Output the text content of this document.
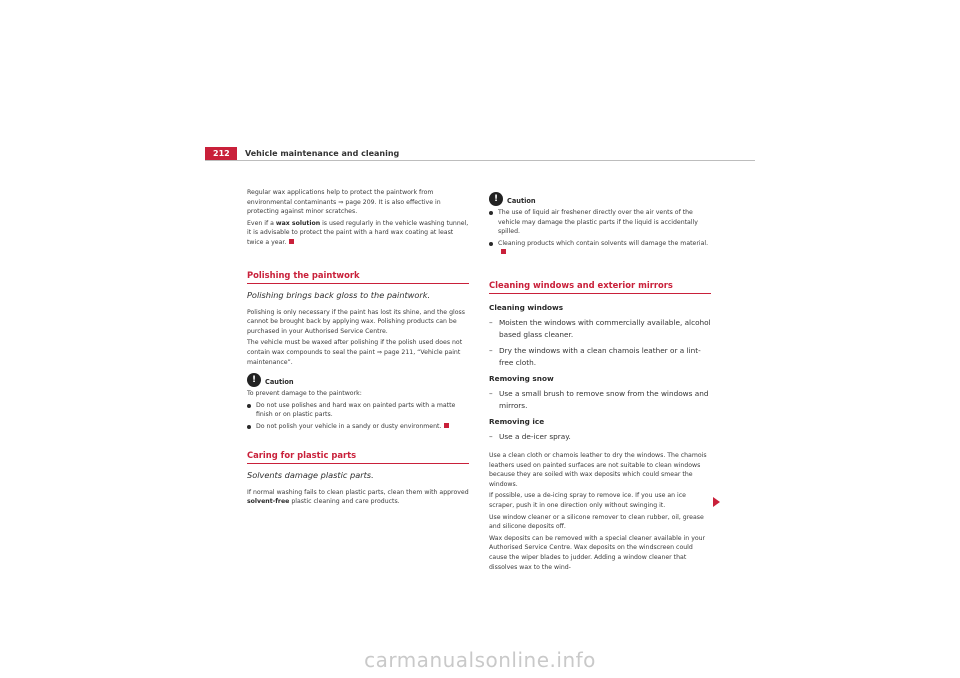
212	Vehicle maintenance and cleaning

Regular wax applications help to protect the paintwork from environmental contaminants ⇒ page 209. It is also effective in protecting against minor scratches.

Even if a wax solution is used regularly in the vehicle washing tunnel, it is advisable to protect the paint with a hard wax coating at least twice a year.

Polishing the paintwork
Polishing brings back gloss to the paintwork.

Polishing is only necessary if the paint has lost its shine, and the gloss cannot be brought back by applying wax. Polishing products can be purchased in your Authorised Service Centre.

The vehicle must be waxed after polishing if the polish used does not contain wax compounds to seal the paint ⇒ page 211, “Vehicle paint maintenance”.

!	Caution

To prevent damage to the paintwork:

Do not use polishes and hard wax on painted parts with a matte finish or on plastic parts.

Do not polish your vehicle in a sandy or dusty environment.

Caring for plastic parts
Solvents damage plastic parts.

If normal washing fails to clean plastic parts, clean them with approved solvent-free plastic cleaning and care products.

!	Caution

The use of liquid air freshener directly over the air vents of the vehicle may damage the plastic parts if the liquid is accidentally spilled.

Cleaning products which contain solvents will damage the material.

Cleaning windows and exterior mirrors
Cleaning windows

– Moisten the windows with commercially available, alcohol based glass cleaner.

– Dry the windows with a clean chamois leather or a lint-free cloth.

Removing snow

– Use a small brush to remove snow from the windows and mirrors.

Removing ice

– Use a de-icer spray.

Use a clean cloth or chamois leather to dry the windows. The chamois leathers used on painted surfaces are not suitable to clean windows because they are soiled with wax deposits which could smear the windows.

If possible, use a de-icing spray to remove ice. If you use an ice scraper, push it in one direction only without swinging it.

Use window cleaner or a silicone remover to clean rubber, oil, grease and silicone deposits off.

Wax deposits can be removed with a special cleaner available in your Authorised Service Centre. Wax deposits on the windscreen could cause the wiper blades to judder. Adding a window cleaner that dissolves wax to the wind-

carmanualsonline.info
